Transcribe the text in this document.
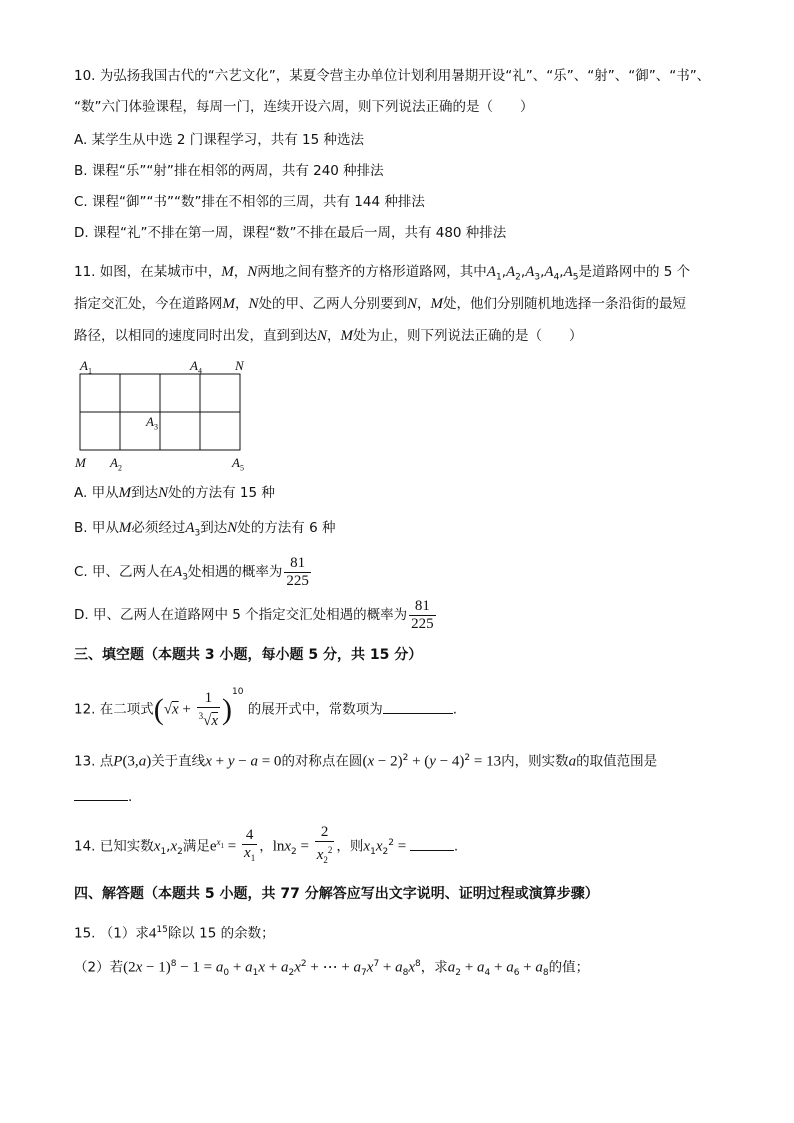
10. 为弘扬我国古代的“六艺文化”，某夏令营主办单位计划利用暑期开设“礼”、“乐”、“射”、“御”、“书”、
“数”六门体验课程，每周一门，连续开设六周，则下列说法正确的是（　　）
A. 某学生从中选 2 门课程学习，共有 15 种选法
B. 课程“乐”“射”排在相邻的两周，共有 240 种排法
C. 课程“御”“书”“数”排在不相邻的三周，共有 144 种排法
D. 课程“礼”不排在第一周，课程“数”不排在最后一周，共有 480 种排法
11. 如图，在某城市中，M，N两地之间有整齐的方格形道路网，其中$A_1,A_2,A_3,A_4,A_5$是道路网中的 5 个
指定交汇处，今在道路网M，N处的甲、乙两人分别要到N，M处，他们分别随机地选择一条沿街的最短
路径，以相同的速度同时出发，直到到达N，M处为止，则下列说法正确的是（　　）
$A_1$	$A_4$	N
$A_3$
M $A_2$	$A_5$
A. 甲从M到达N处的方法有 15 种
B. 甲从M必须经过$A_3$到达N处的方法有 6 种
C. 甲、乙两人在$A_3$处相遇的概率为 $\frac{81}{225}$
D. 甲、乙两人在道路网中 5 个指定交汇处相遇的概率为 $\frac{81}{225}$
三、填空题（本题共 3 小题，每小题 5 分，共 15 分）
12. 在二项式$(√x + \frac{1}{^3√x} )^{10}$ 的展开式中，常数项为	.
13. 点P(3,a)关于直线x + y − a = 0的对称点在圆$(x - 2)^2 + (y - 4)^2 = 13$内，则实数a的取值范围是
.
14. 已知实数$x_1,x_2$满足$e^{x_1} = \frac{4}{x_1}$ ，$\ln x_2 = \frac{2}{x_2^2}$ ，则$x_1x_2^2$ =	.
四、解答题（本题共 5 小题，共 77 分解答应写出文字说明、证明过程或演算步骤）
15. （1）求$4^{15}$除以 15 的余数；
（2）若$(2x - 1)^8 - 1 = a_0 + a_1x + a_2x^2$ + ⋯ + $a_7x^7 + a_8x^8$，求$a_2 + a_4 + a_6 + a_8$的值；
